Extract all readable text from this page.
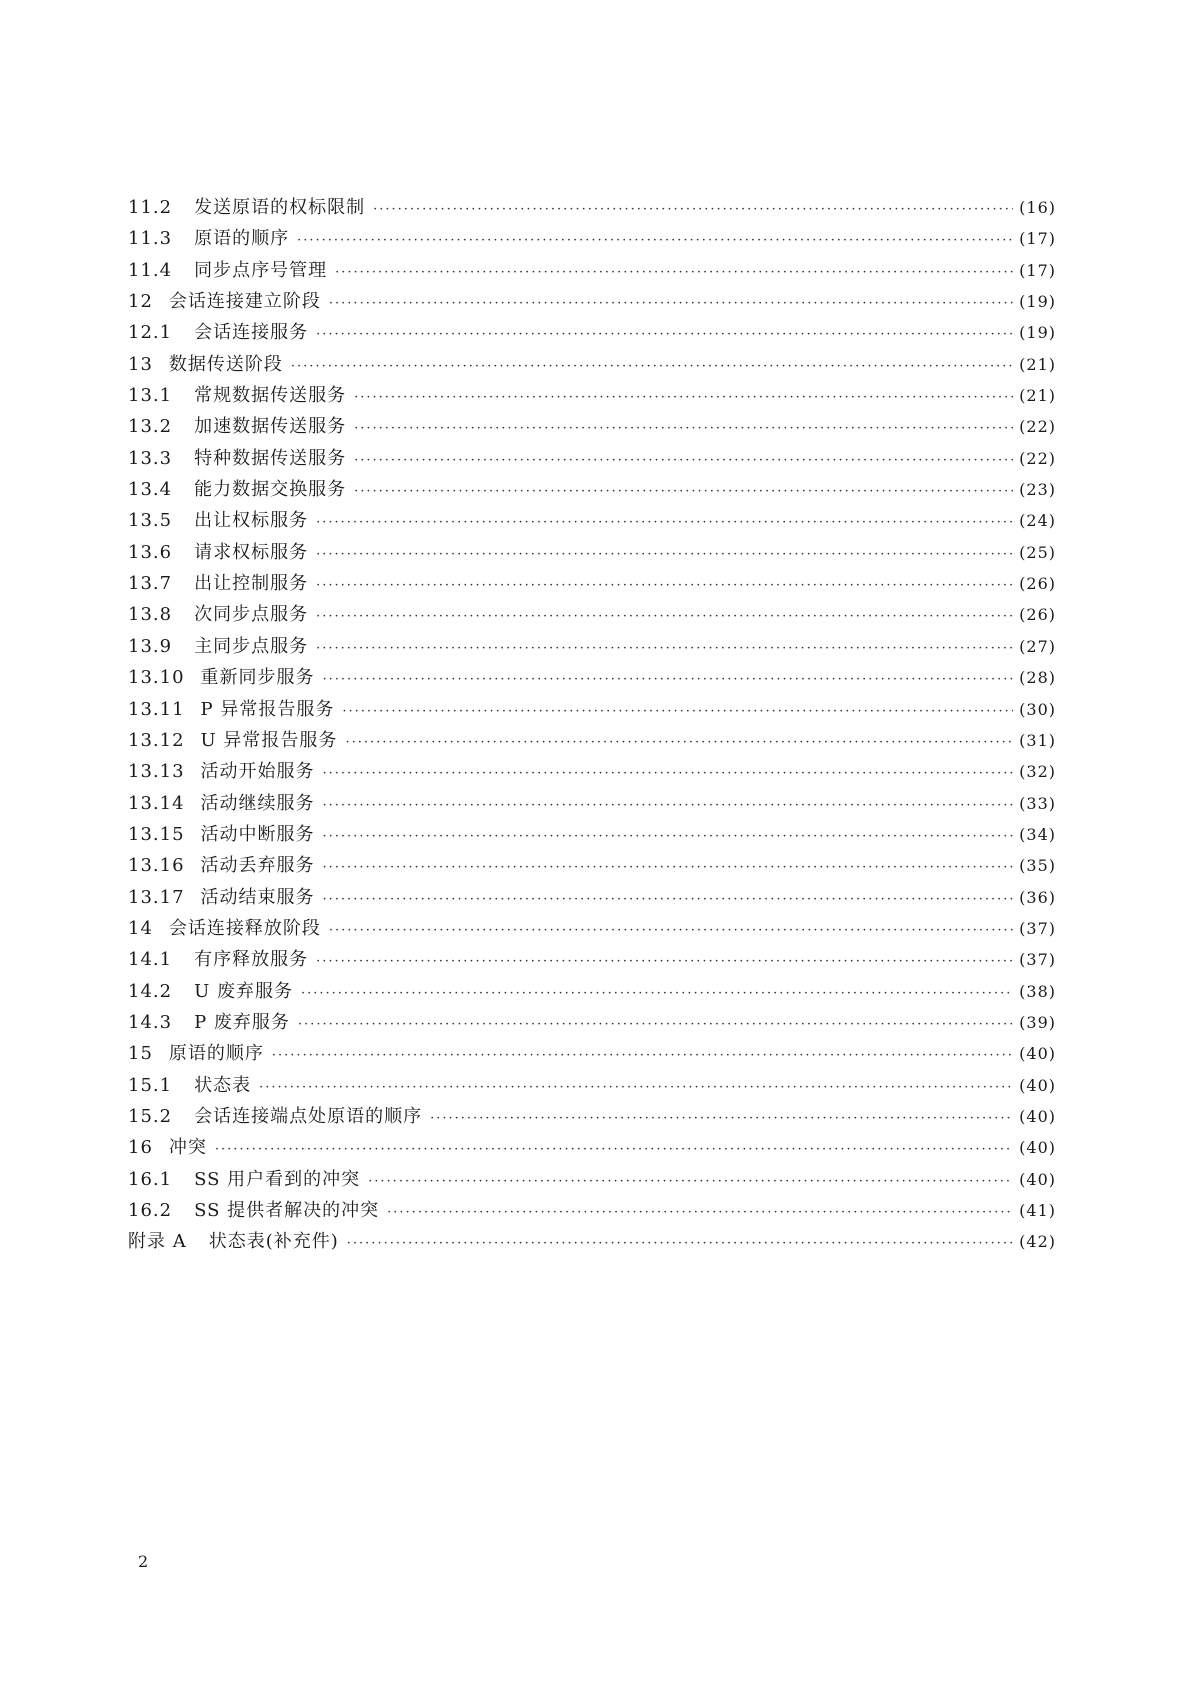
11.2 发送原语的权标限制 ·····	(16)
11.3 原语的顺序 ·····	(17)
11.4 同步点序号管理 ·····	(17)
12 会话连接建立阶段 ·····	(19)
12.1 会话连接服务 ·····	(19)
13 数据传送阶段 ·····	(21)
13.1 常规数据传送服务 ·····	(21)
13.2 加速数据传送服务 ·····	(22)
13.3 特种数据传送服务 ·····	(22)
13.4 能力数据交换服务 ·····	(23)
13.5 出让权标服务 ·····	(24)
13.6 请求权标服务 ·····	(25)
13.7 出让控制服务 ·····	(26)
13.8 次同步点服务 ·····	(26)
13.9 主同步点服务 ·····	(27)
13.10 重新同步服务 ·····	(28)
13.11 P 异常报告服务 ·····	(30)
13.12 U 异常报告服务 ·····	(31)
13.13 活动开始服务 ·····	(32)
13.14 活动继续服务 ·····	(33)
13.15 活动中断服务 ·····	(34)
13.16 活动丢弃服务 ·····	(35)
13.17 活动结束服务 ·····	(36)
14 会话连接释放阶段 ·····	(37)
14.1 有序释放服务 ·····	(37)
14.2 U 废弃服务 ·····	(38)
14.3 P 废弃服务 ·····	(39)
15 原语的顺序 ·····	(40)
15.1 状态表 ·····	(40)
15.2 会话连接端点处原语的顺序 ·····	(40)
16 冲突 ·····	(40)
16.1 SS 用户看到的冲突 ·····	(40)
16.2 SS 提供者解决的冲突 ·····	(41)
附录 A 状态表(补充件) ·····	(42)
2
